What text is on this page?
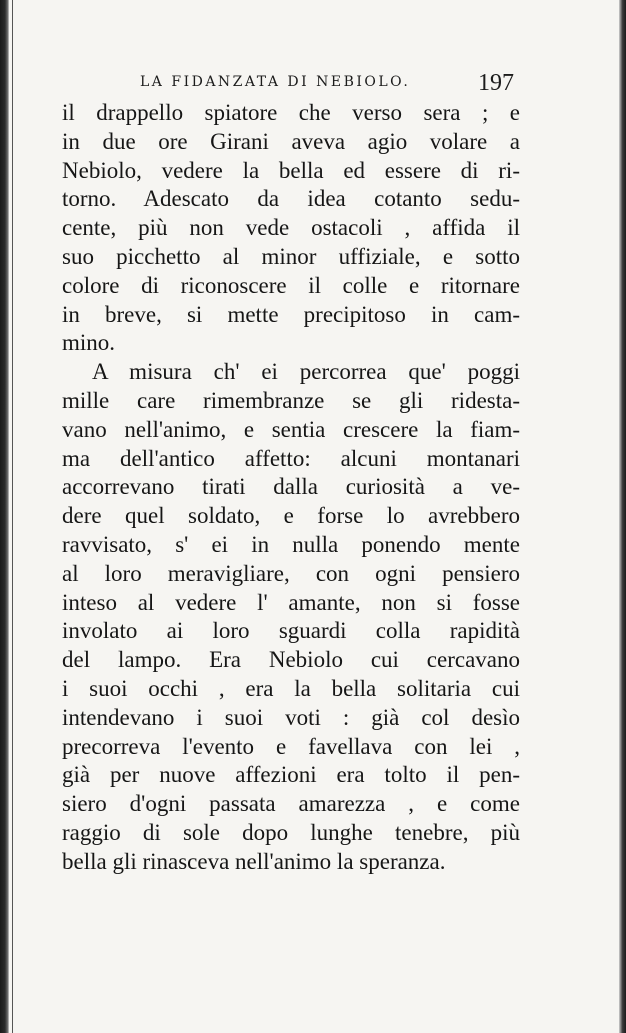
LA FIDANZATA DI NEBIOLO.	197
il drappello spiatore che verso sera ; e
in due ore Girani aveva agio volare a
Nebiolo, vedere la bella ed essere di ri-
torno. Adescato da idea cotanto sedu-
cente, più non vede ostacoli , affida il
suo picchetto al minor uffiziale, e sotto
colore di riconoscere il colle e ritornare
in breve, si mette precipitoso in cam-
mino.
A misura ch' ei percorrea que' poggi
mille care rimembranze se gli ridesta-
vano nell'animo, e sentia crescere la fiam-
ma dell'antico affetto: alcuni montanari
accorrevano tirati dalla curiosità a ve-
dere quel soldato, e forse lo avrebbero
ravvisato, s' ei in nulla ponendo mente
al loro meravigliare, con ogni pensiero
inteso al vedere l' amante, non si fosse
involato ai loro sguardi colla rapidità
del lampo. Era Nebiolo cui cercavano
i suoi occhi , era la bella solitaria cui
intendevano i suoi voti : già col desìo
precorreva l'evento e favellava con lei ,
già per nuove affezioni era tolto il pen-
siero d'ogni passata amarezza , e come
raggio di sole dopo lunghe tenebre, più
bella gli rinasceva nell'animo la speranza.
